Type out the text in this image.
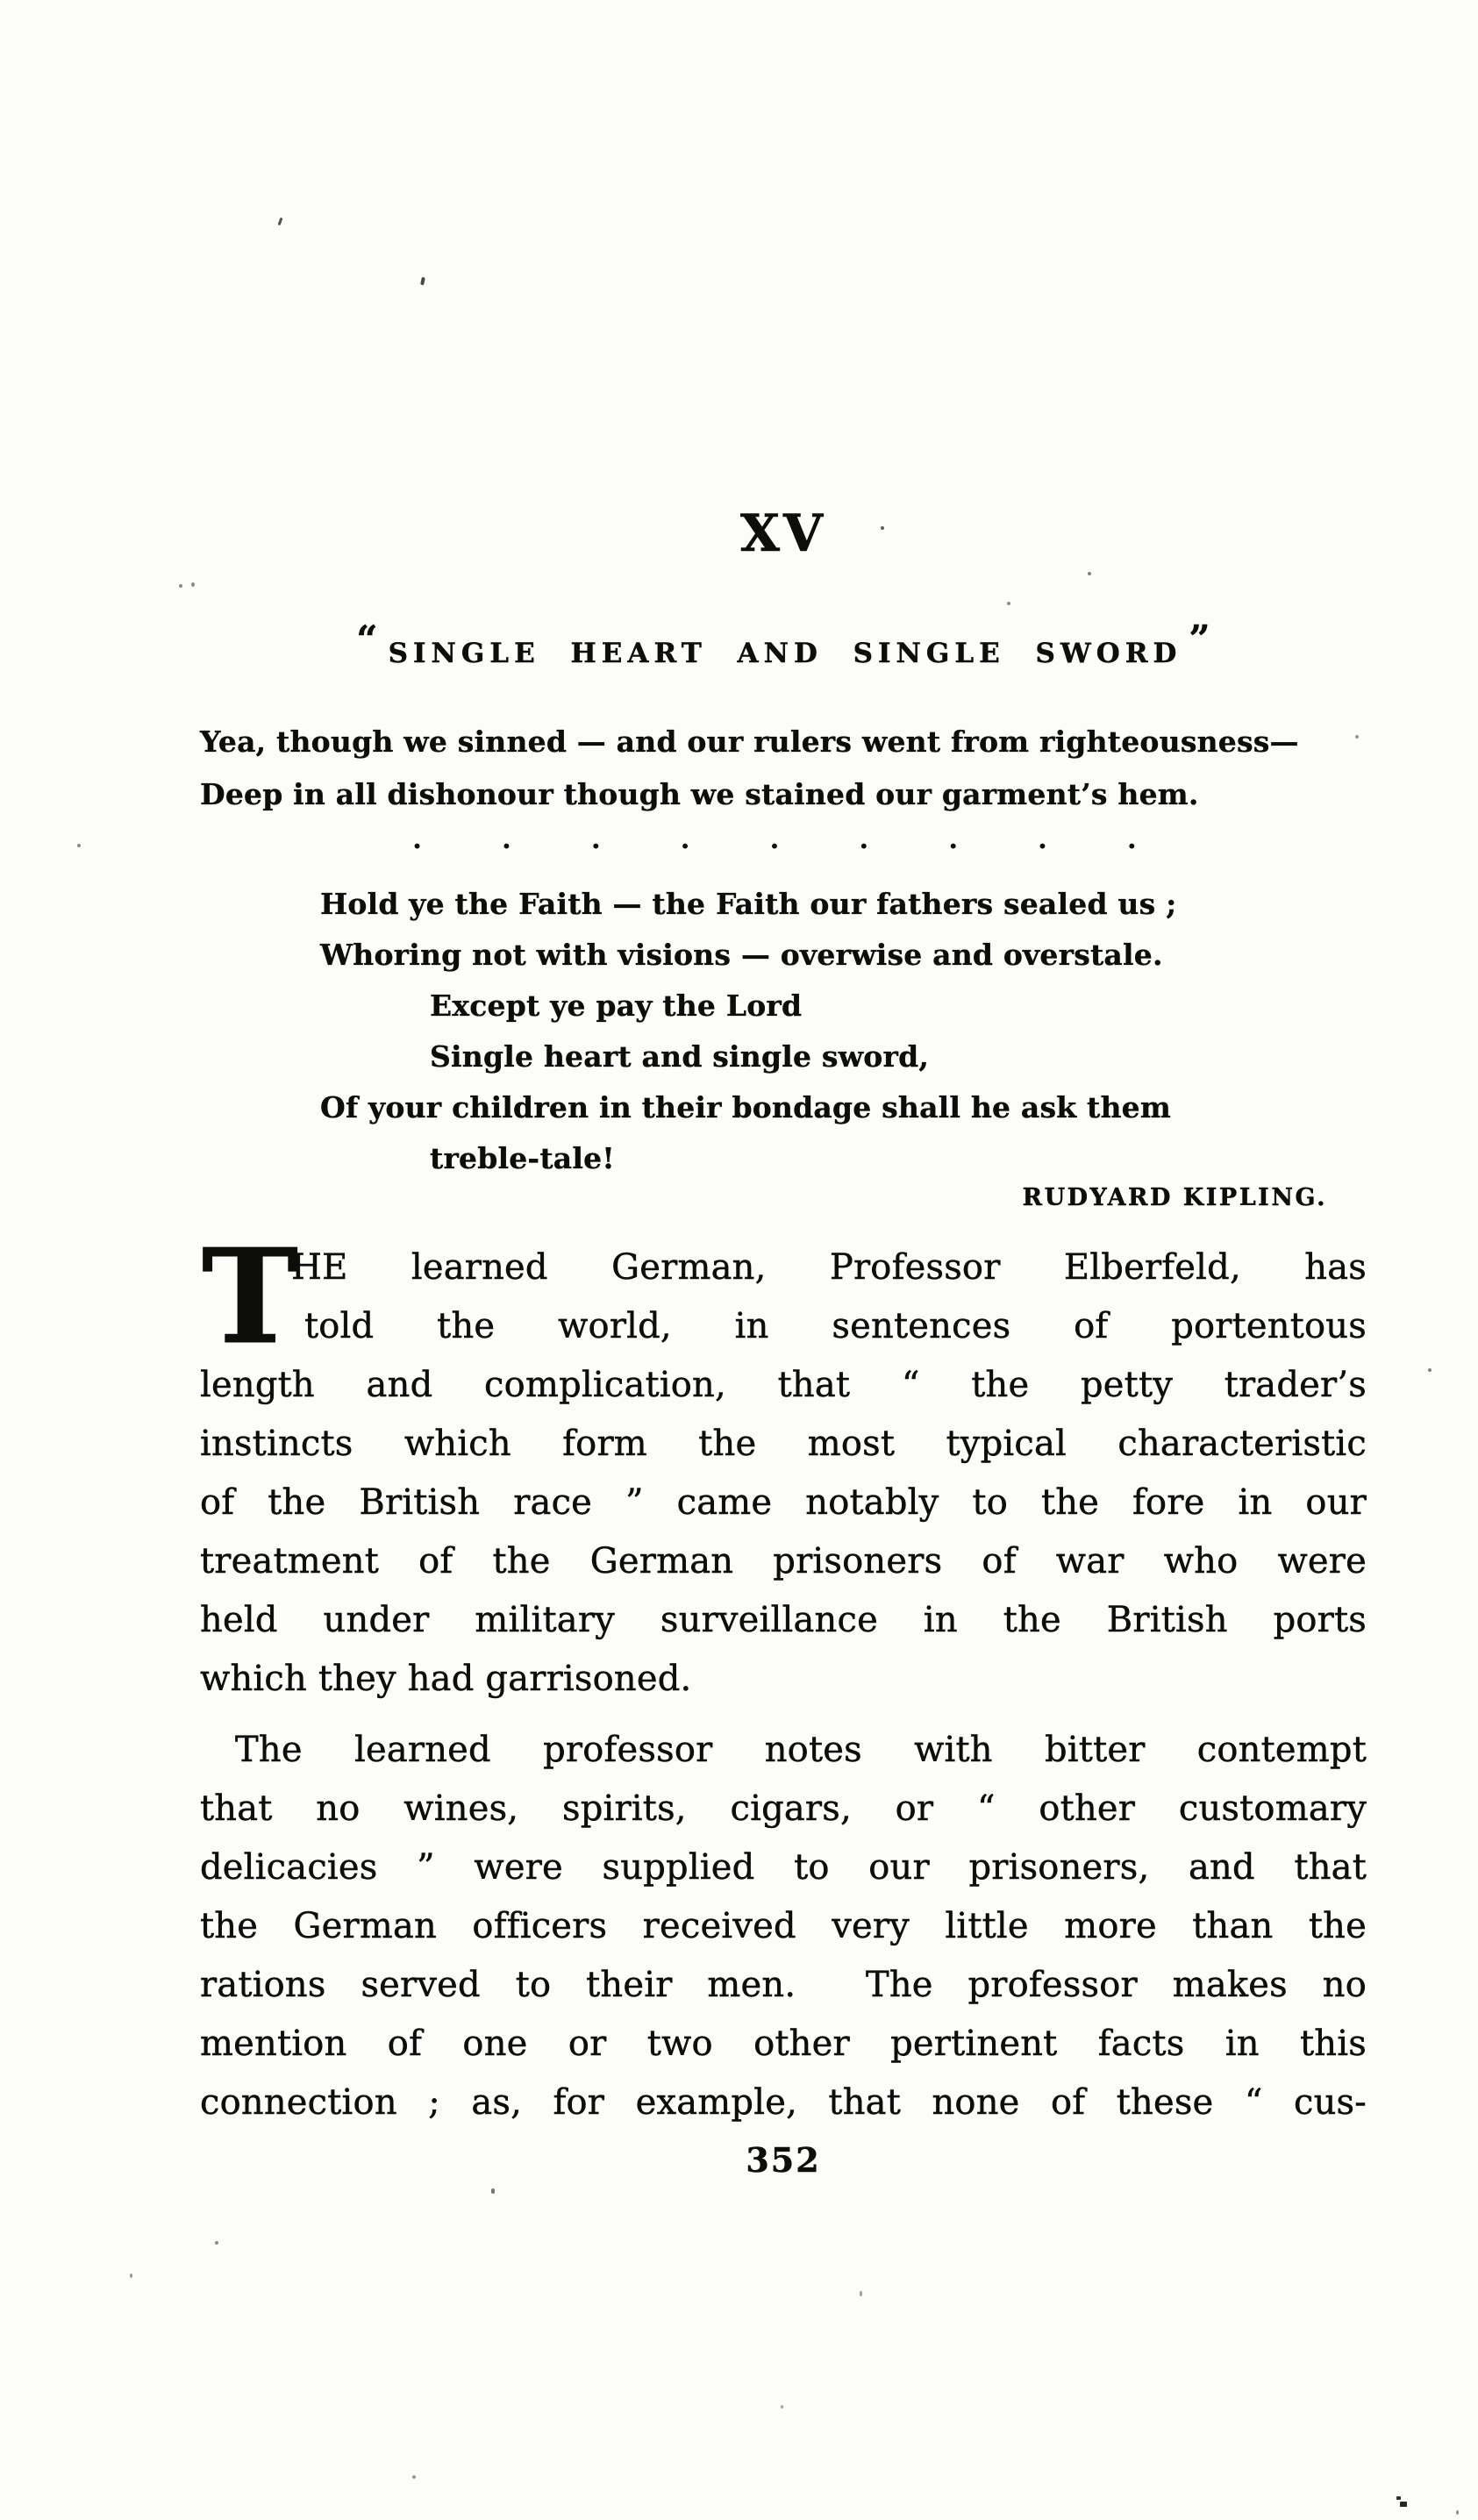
XV
“ SINGLE HEART AND SINGLE SWORD ”
Yea, though we sinned — and our rulers went from righteousness—
Deep in all dishonour though we stained our garment’s hem.
.	.	.	.	.	.	.	.	.
Hold ye the Faith — the Faith our fathers sealed us ;
Whoring not with visions — overwise and overstale.
Except ye pay the Lord
Single heart and single sword,
Of your children in their bondage shall he ask them
treble-tale!
RUDYARD KIPLING.
T
HE learned German, Professor Elberfeld, has
told the world, in sentences of portentous
length and complication, that “ the petty trader’s
instincts which form the most typical characteristic
of the British race ” came notably to the fore in our
treatment of the German prisoners of war who were
held under military surveillance in the British ports
which they had garrisoned.
The learned professor notes with bitter contempt
that no wines, spirits, cigars, or “ other customary
delicacies ” were supplied to our prisoners, and that
the German officers received very little more than the
rations served to their men.  The professor makes no
mention of one or two other pertinent facts in this
connection ; as, for example, that none of these “ cus-
352
